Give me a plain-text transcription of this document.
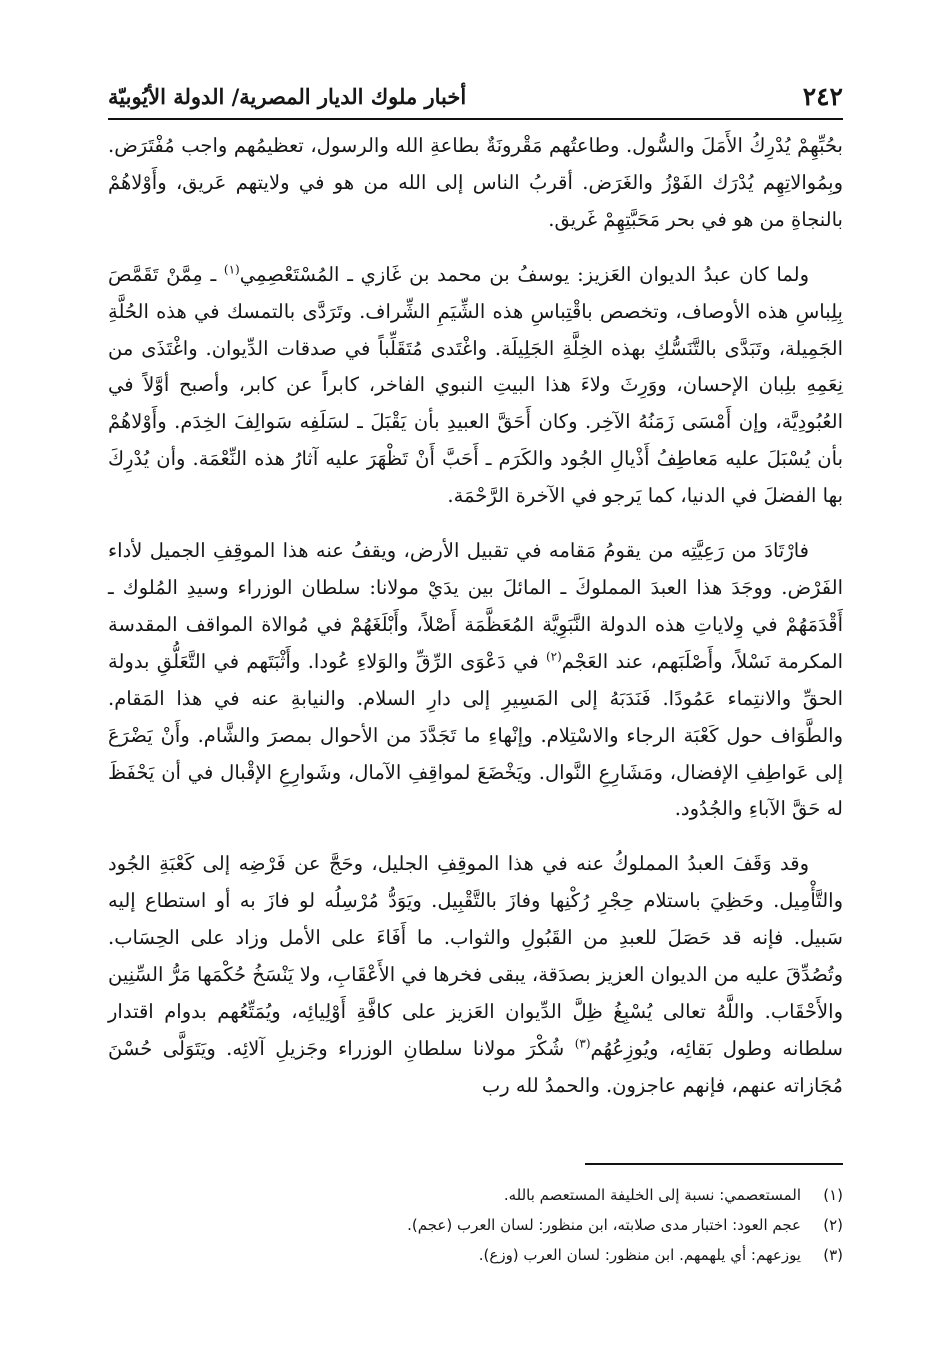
٢٤٢
أخبار ملوك الديار المصرية/ الدولة الأيُوبيّة

بحُبِّهِمْ يُدْرِكُ الأَمَلَ والسُّول. وطاعتُهم مَقْرونَةٌ بطاعةِ الله والرسول، تعظيمُهم واجب مُفْتَرَض. وبِمُوالاتِهِم يُدْرَك الفَوْزُ والغَرَض. أقربُ الناس إلى الله من هو في ولايتهم عَريق، وأَوْلاهُمْ بالنجاةِ من هو في بحر مَحَبَّتِهِمْ غَريق.

ولما كان عبدُ الديوان العَزيز: يوسفُ بن محمد بن غَازي ـ المُسْتَعْصِمِي$^{(١)}$ ـ مِمَّنْ تَقَمَّصَ بِلِباسِ هذه الأوصاف، وتخصص باقْتِباسِ هذه الشِّيَمِ الشِّراف. وتَرَدَّى بالتمسك في هذه الحُلَّةِ الجَمِيلة، وتَبَدَّى بالتَّنَسُّكِ بهذه الخِلَّةِ الجَلِيلَة. واغْتَدى مُتَقَلِّباً في صدقات الدِّيوان. واغْتَذَى من نِعَمِهِ بلِبان الإحسان، ووَرِثَ ولاءَ هذا البيتِ النبوي الفاخر، كابراً عن كابر، وأصبح أوَّلاً في العُبُودِيَّة، وإن أَمْسَى زَمَنُهُ الآخِر. وكان أَحَقَّ العبيدِ بأن يَقْبَلَ ـ لسَلَفِه سَوالِفَ الخِدَم. وأَوْلاهُمْ بأن يُسْبَلَ عليه مَعاطِفُ أَذْيالِ الجُود والكَرَم ـ أَحَبَّ أَنْ تَظْهَرَ عليه آثارُ هذه النِّعْمَة. وأن يُدْرِكَ بها الفضلَ في الدنيا، كما يَرجو في الآخرة الرَّحْمَة.

فارْتَادَ من رَعِيَّتِه من يقومُ مَقامه في تقبيل الأرض، ويقفُ عنه هذا الموقِفِ الجميل لأداء الفَرْض. ووجَدَ هذا العبدَ المملوكَ ـ المائلَ بين يدَيْ مولانا: سلطان الوزراء وسيدِ المُلوك ـ أَقْدَمَهُمْ في وِلاياتِ هذه الدولة النَّبَوِيَّة المُعَظَّمَة أَصْلاً، وأَبْلَغَهُمْ في مُوالاة المواقف المقدسة المكرمة نَسْلاً، وأَصْلَبَهم، عند العَجْم$^{(٢)}$ في دَعْوَى الرِّقِّ والوَلاءِ عُودا. وأَثْبَتَهم في التَّعَلُّقِ بدولة الحقِّ والانتِماء عَمُودًا. فَنَدَبَهُ إلى المَسِيرِ إلى دارِ السلام. والنيابةِ عنه في هذا المَقام. والطَّوَاف حول كَعْبَة الرجاء والاسْتِلام. وإنْهاءِ ما تَجَدَّدَ من الأحوال بمصرَ والشَّام. وأَنْ يَضْرَعَ إلى عَواطِفِ الإفضال، ومَشَارِعِ النَّوال. ويَخْضَعَ لمواقِفِ الآمال، وشَوارِعِ الإقْبال في أن يَحْفَظَ له حَقَّ الآباءِ والجُدُود.

وقد وَقَفَ العبدُ المملوكُ عنه في هذا الموقِفِ الجليل، وحَجَّ عن فَرْضِه إلى كَعْبَةِ الجُود والتَّأْمِيل. وحَظِيَ باستلام حِجْرِ رُكْنِها وفازَ بالتَّقْبِيل. ويَوَدُّ مُرْسِلُه لو فازَ به أو استطاع إليه سَبيل. فإنه قد حَصَلَ للعبدِ من القَبُولِ والثواب. ما أَفَاءَ على الأمل وزاد على الحِسَاب. وتُصُدِّقَ عليه من الديوان العزيز بصدَقة، يبقى فخرها في الأَعْقَابِ، ولا يَنْسَخُ حُكْمَها مَرُّ السِّنِين والأَحْقَاب. واللَّهُ تعالى يُسْبِغُ ظِلَّ الدِّيوان العَزيز على كافَّةِ أَوْلِيائِه، ويُمَتِّعُهم بدوام اقتدار سلطانه وطول بَقائِه، ويُوزِعُهُم$^{(٣)}$ شُكْرَ مولانا سلطانِ الوزراء وجَزيلِ آلائِه. ويَتَوَلَّى حُسْنَ مُجَازاته عنهم، فإنهم عاجزون. والحمدُ لله رب

(١)
المستعصمي: نسبة إلى الخليفة المستعصم بالله.
(٢)
عجم العود: اختبار مدى صلابته، ابن منظور: لسان العرب (عجم).
(٣)
يوزعهم: أي يلهمهم. ابن منظور: لسان العرب (وزع).
